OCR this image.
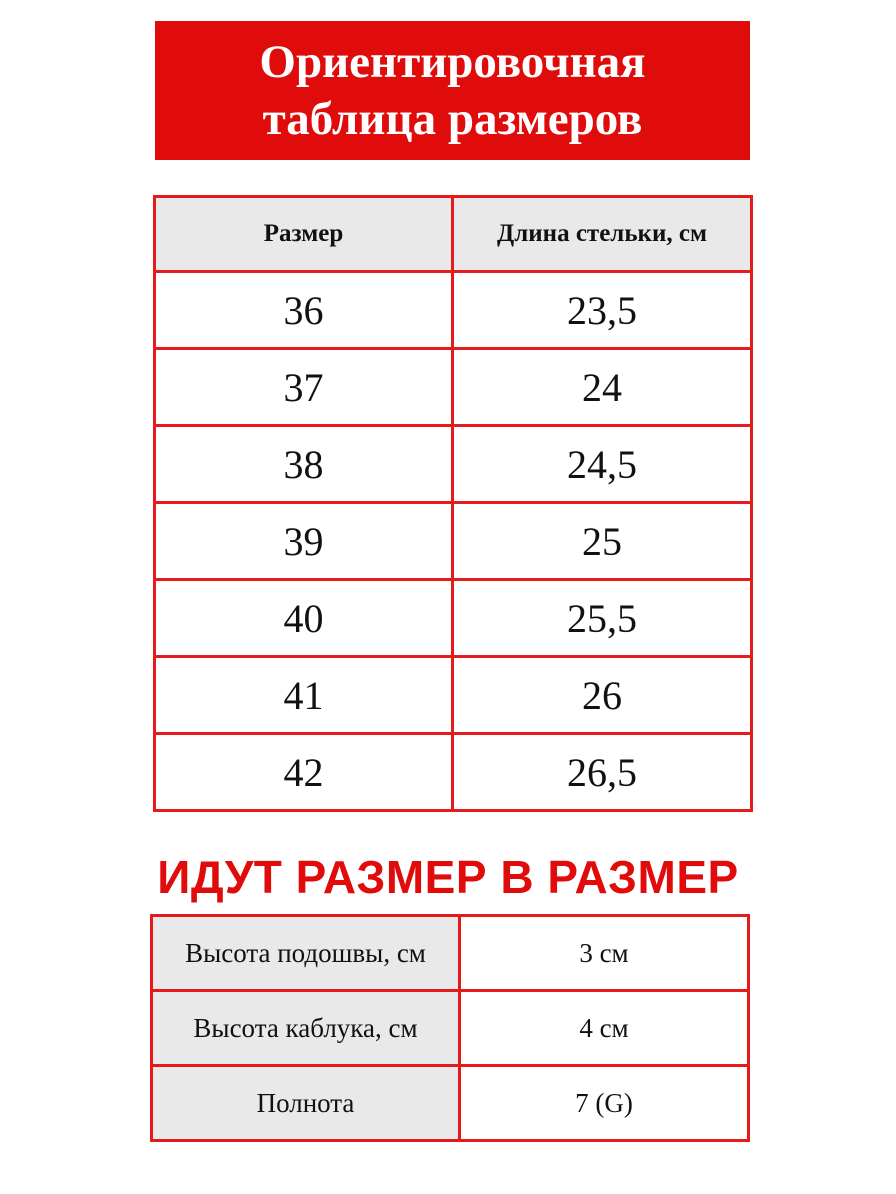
Ориентировочная
таблица размеров
Размер	Длина стельки, см
36	23,5
37	24
38	24,5
39	25
40	25,5
41	26
42	26,5
ИДУТ РАЗМЕР В РАЗМЕР
Высота подошвы, см	3 см
Высота каблука, см	4 см
Полнота	7 (G)
